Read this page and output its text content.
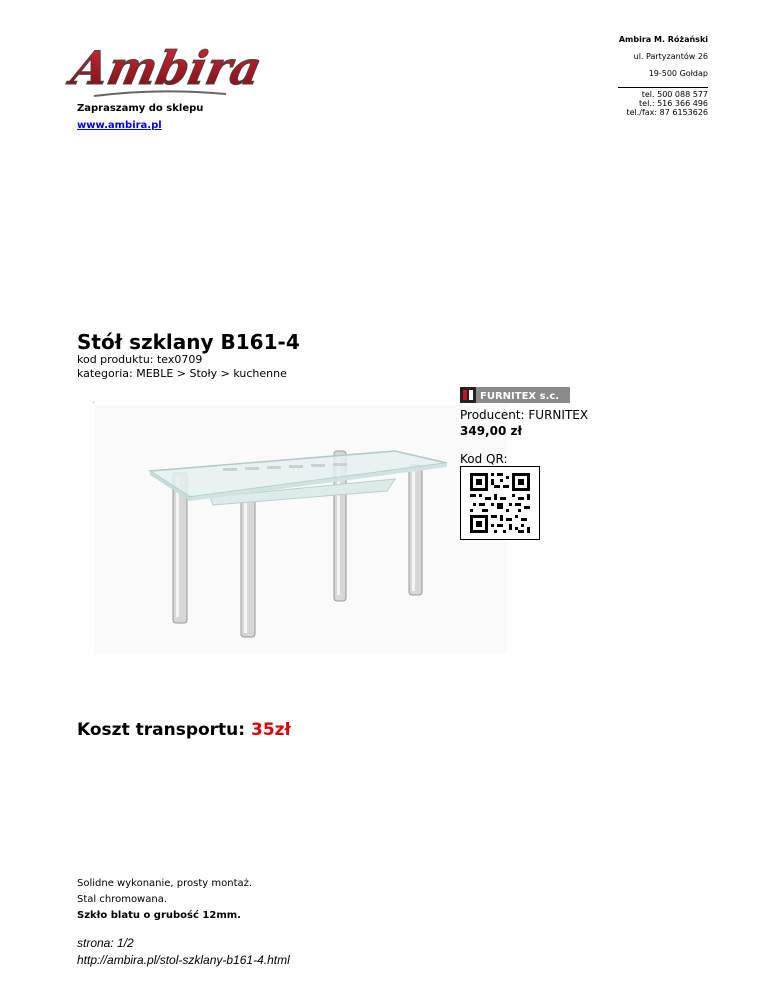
Ambira
Zapraszamy do sklepu
www.ambira.pl
Ambira M. Różański
ul. Partyzantów 26
19-500 Gołdap
tel. 500 088 577
tel.: 516 366 496
tel./fax: 87 6153626
Stół szklany B161-4
kod produktu: tex0709
kategoria: MEBLE > Stoły > kuchenne
.	FURNITEX s.c.
Producent: FURNITEX
349,00 zł
Kod QR:
Koszt transportu: 35zł
Solidne wykonanie, prosty montaż.
Stal chromowana.
Szkło blatu o grubość 12mm.
strona: 1/2
http://ambira.pl/stol-szklany-b161-4.html
